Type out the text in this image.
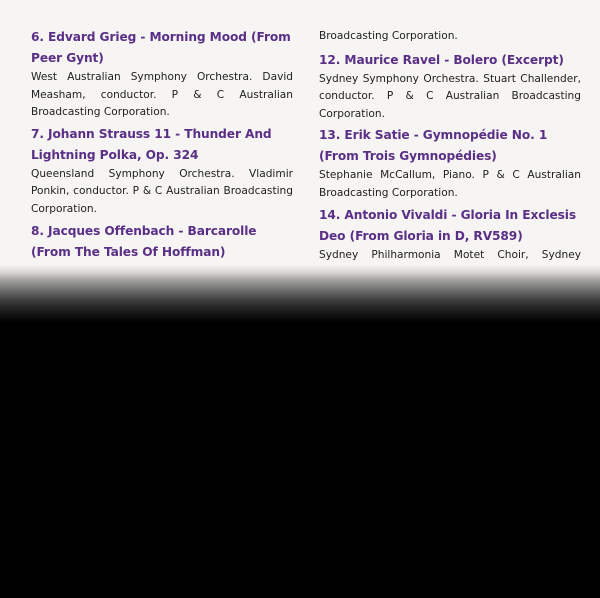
6. Edvard Grieg - Morning Mood (From Peer Gynt)

West Australian Symphony Orchestra. David Measham, conductor. P & C Australian Broadcasting Corporation.

7. Johann Strauss 11 - Thunder And Lightning Polka, Op. 324

Queensland Symphony Orchestra. Vladimir Ponkin, conductor. P & C Australian Broadcasting Corporation.

8. Jacques Offenbach - Barcarolle (From The Tales Of Hoffman)

Broadcasting Corporation.

12. Maurice Ravel - Bolero (Excerpt)

Sydney Symphony Orchestra. Stuart Challender, conductor. P & C Australian Broadcasting Corporation.

13. Erik Satie - Gymnopédie No. 1 (From Trois Gymnopédies)

Stephanie McCallum, Piano. P & C Australian Broadcasting Corporation.

14. Antonio Vivaldi - Gloria In Exclesis Deo (From Gloria in D, RV589)

Sydney Philharmonia Motet Choir, Sydney
